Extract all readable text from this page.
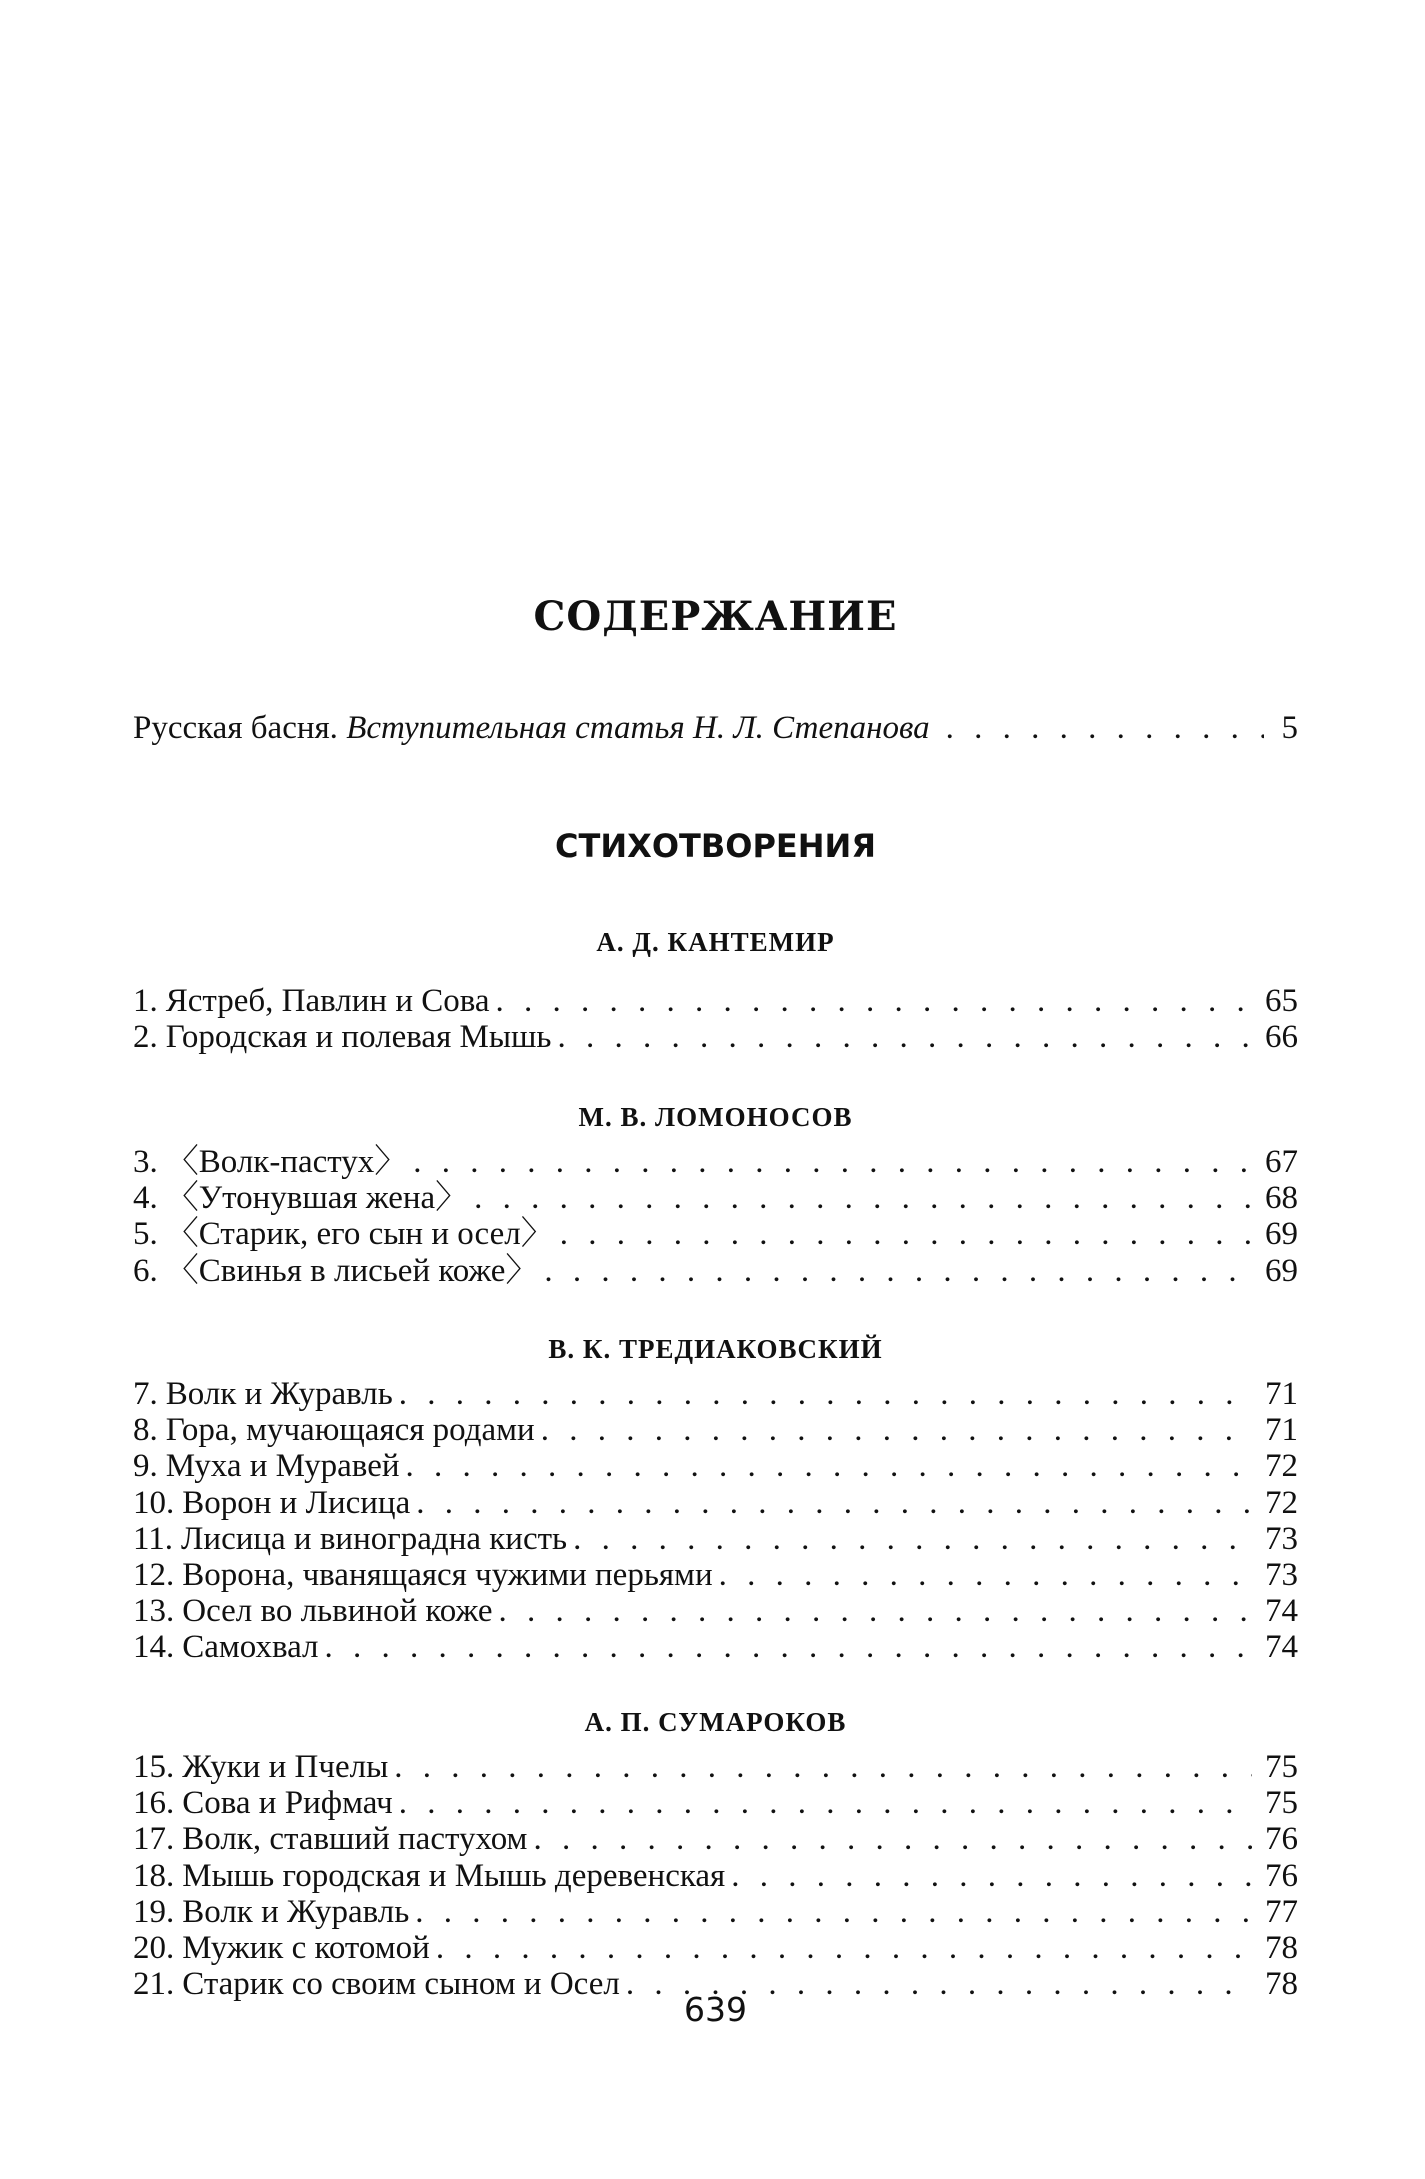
СОДЕРЖАНИЕ
Русская басня. Вступительная статья Н. Л. Степанова . . .	5
СТИХОТВОРЕНИЯ
А. Д. КАНТЕМИР
1. Ястреб, Павлин и Сова . . .	65
2. Городская и полевая Мышь . . .	66
М. В. ЛОМОНОСОВ
3. 〈Волк-пастух〉 . . .	67
4. 〈Утонувшая жена〉 . . .	68
5. 〈Старик, его сын и осел〉 . . .	69
6. 〈Свинья в лисьей коже〉 . . .	69
В. К. ТРЕДИАКОВСКИЙ
7. Волк и Журавль . . .	71
8. Гора, мучающаяся родами . . .	71
9. Муха и Муравей . . .	72
10. Ворон и Лисица . . .	72
11. Лисица и виноградна кисть . . .	73
12. Ворона, чванящаяся чужими перьями . . .	73
13. Осел во львиной коже . . .	74
14. Самохвал . . .	74
А. П. СУМАРОКОВ
15. Жуки и Пчелы . . .	75
16. Сова и Рифмач . . .	75
17. Волк, ставший пастухом . . .	76
18. Мышь городская и Мышь деревенская . . .	76
19. Волк и Журавль . . .	77
20. Мужик с котомой . . .	78
21. Старик со своим сыном и Осел . . .	78
639
